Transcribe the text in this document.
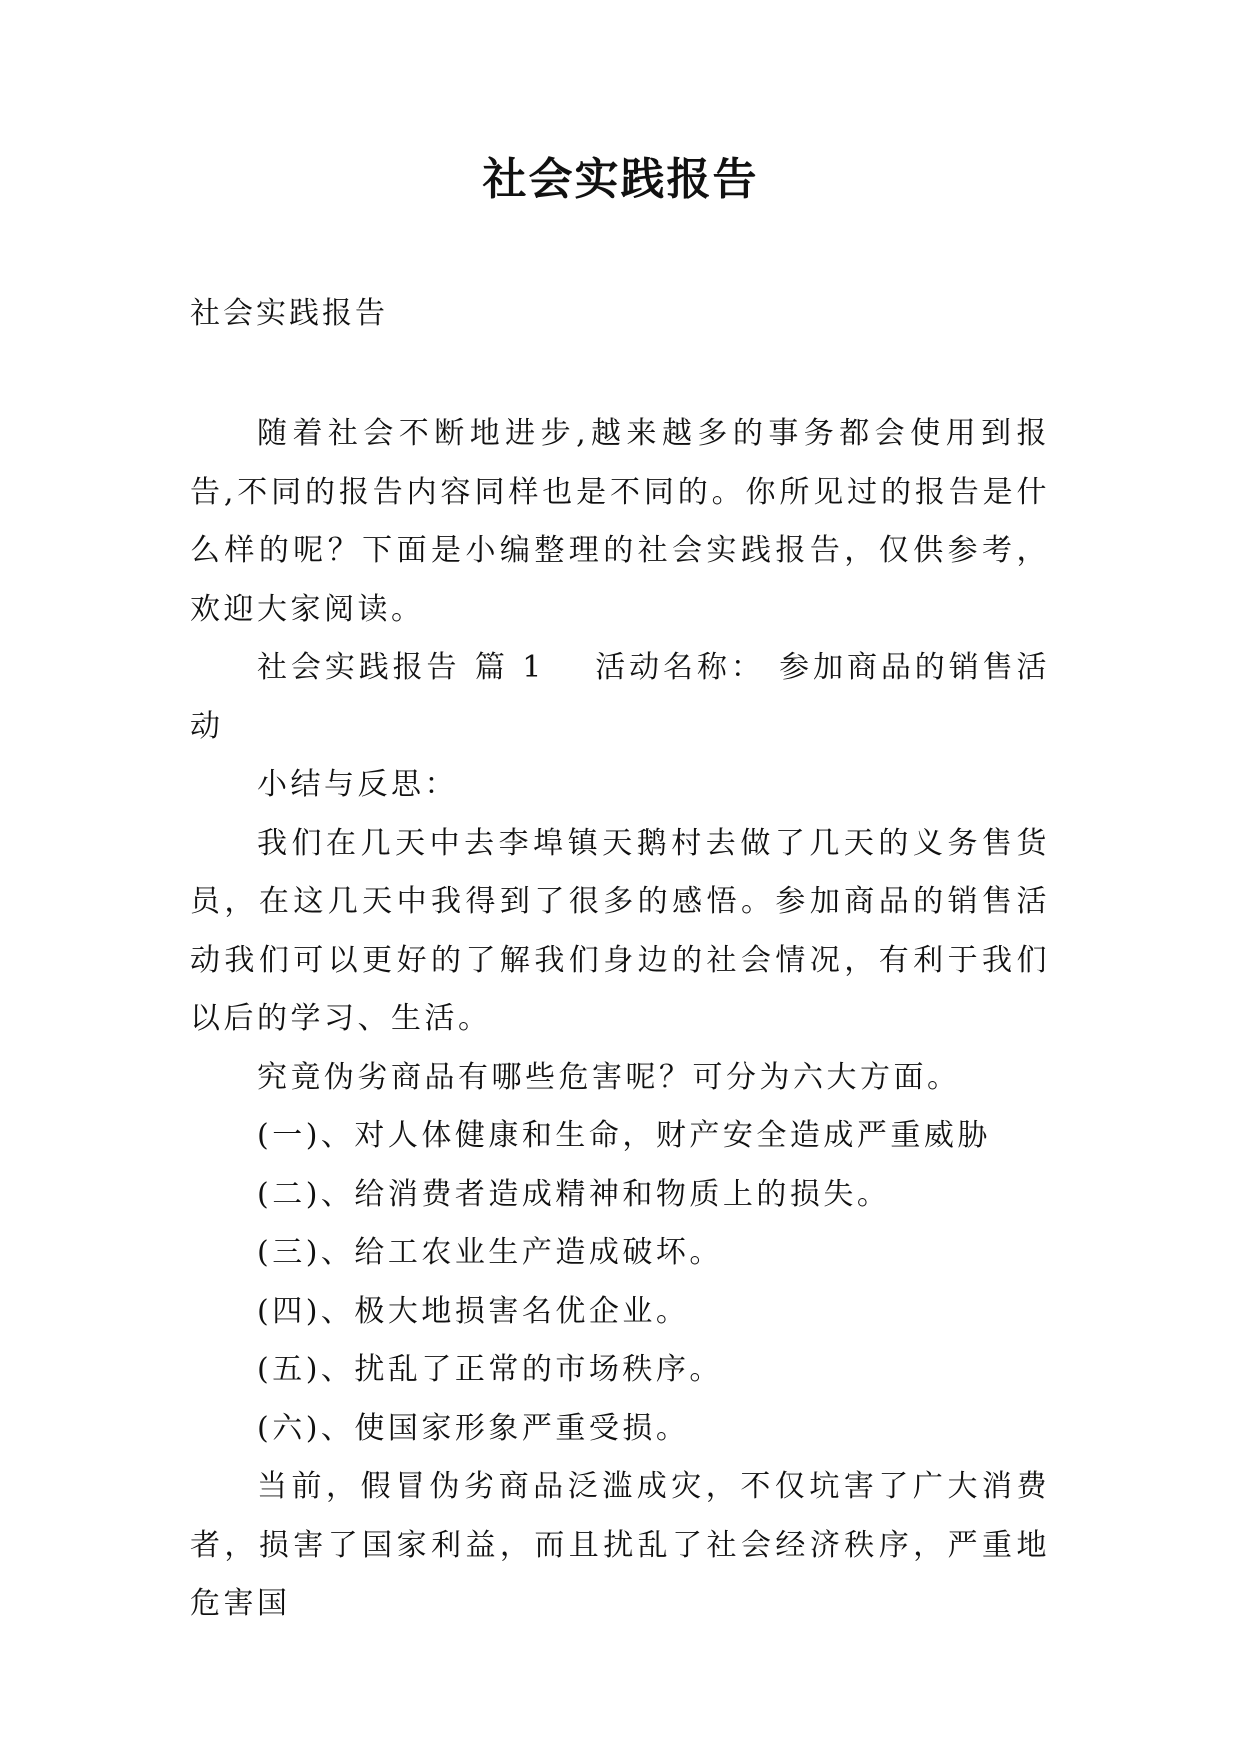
社会实践报告
社会实践报告

随着社会不断地进步,越来越多的事务都会使用到报告,不同的报告内容同样也是不同的。你所见过的报告是什么样的呢？下面是小编整理的社会实践报告，仅供参考，欢迎大家阅读。

社会实践报告 篇 1 活动名称： 参加商品的销售活动

小结与反思：

我们在几天中去李埠镇天鹅村去做了几天的义务售货员，在这几天中我得到了很多的感悟。参加商品的销售活动我们可以更好的了解我们身边的社会情况，有利于我们以后的学习、生活。

究竟伪劣商品有哪些危害呢？可分为六大方面。

(一)、对人体健康和生命，财产安全造成严重威胁

(二)、给消费者造成精神和物质上的损失。

(三)、给工农业生产造成破坏。

(四)、极大地损害名优企业。

(五)、扰乱了正常的市场秩序。

(六)、使国家形象严重受损。

当前，假冒伪劣商品泛滥成灾，不仅坑害了广大消费者，损害了国家利益，而且扰乱了社会经济秩序，严重地危害国
